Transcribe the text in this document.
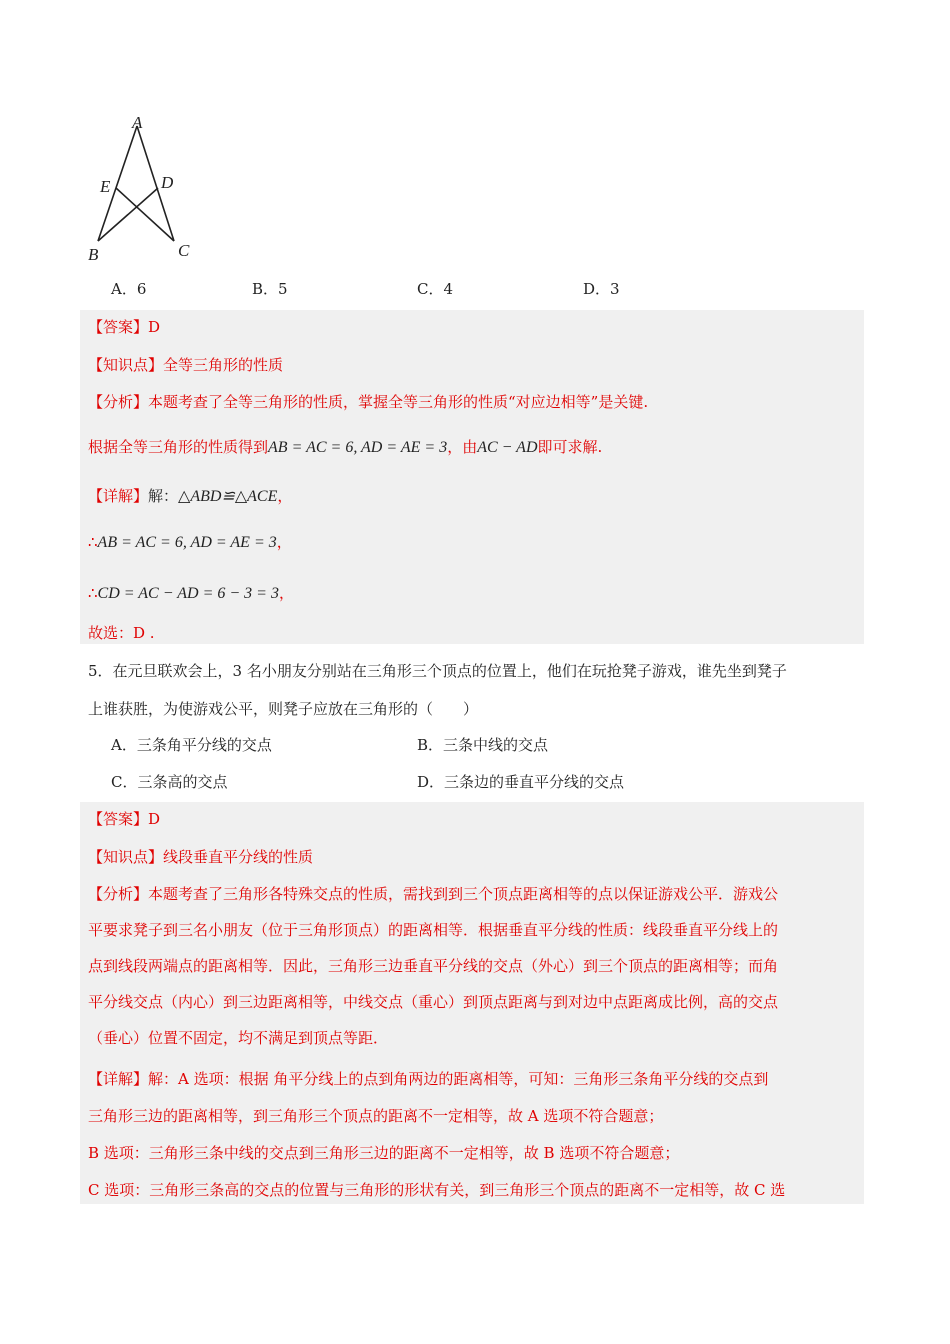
A
E	D
B	C
A．6	B．5	C．4	D．3
【答案】D
【知识点】全等三角形的性质
【分析】本题考查了全等三角形的性质，掌握全等三角形的性质“对应边相等”是关键.
根据全等三角形的性质得到AB = AC = 6, AD = AE = 3，由AC − AD即可求解.
【详解】解：△ABD≌△ACE，
∴AB = AC = 6, AD = AE = 3，
∴CD = AC − AD = 6 − 3 = 3，
故选：D .
5．在元旦联欢会上，3 名小朋友分别站在三角形三个顶点的位置上，他们在玩抢凳子游戏，谁先坐到凳子
上谁获胜，为使游戏公平，则凳子应放在三角形的（　　）
A．三条角平分线的交点	B．三条中线的交点
C．三条高的交点	D．三条边的垂直平分线的交点
【答案】D
【知识点】线段垂直平分线的性质
【分析】本题考查了三角形各特殊交点的性质，需找到到三个顶点距离相等的点以保证游戏公平．游戏公
平要求凳子到三名小朋友（位于三角形顶点）的距离相等．根据垂直平分线的性质：线段垂直平分线上的
点到线段两端点的距离相等．因此，三角形三边垂直平分线的交点（外心）到三个顶点的距离相等；而角
平分线交点（内心）到三边距离相等，中线交点（重心）到顶点距离与到对边中点距离成比例，高的交点
（垂心）位置不固定，均不满足到顶点等距．
【详解】解：A 选项：根据 角平分线上的点到角两边的距离相等，可知：三角形三条角平分线的交点到
三角形三边的距离相等，到三角形三个顶点的距离不一定相等，故 A 选项不符合题意；
B 选项：三角形三条中线的交点到三角形三边的距离不一定相等，故 B 选项不符合题意；
C 选项：三角形三条高的交点的位置与三角形的形状有关，到三角形三个顶点的距离不一定相等，故 C 选
